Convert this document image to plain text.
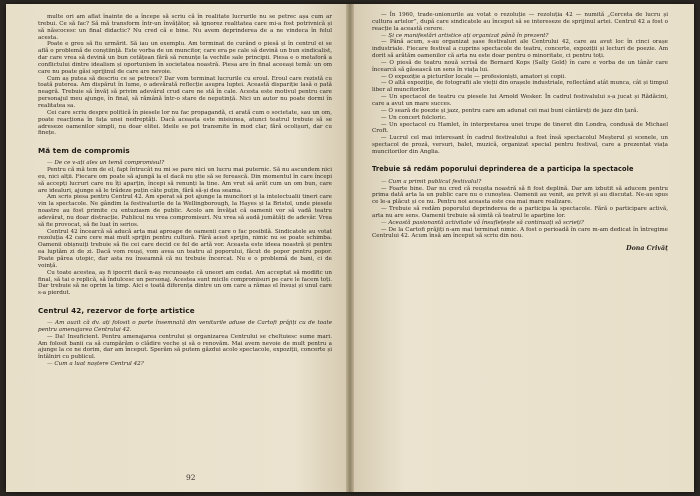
multe ori am aflat înainte de a începe să scriu că în realitate lucrurile nu se petrec așa cum ar trebui. Ce să fac? Să mă transform într-un învățător, să ignorez realitatea care mi-a fost potrivnică și să născocesc un final didactic? Nu cred că e bine. Nu avem deprinderea de a ne vindeca în felul acesta.

Poate e greu să fiu urmărit. Să iau un exemplu. Am terminat de curând o piesă și în centrul ei se află o problemă de conștiință. Este vorba de un muncitor, care era pe cale să devină un bun sindicalist, dar care vrea să devină un bun cetățean fără să renunțe la vechile sale principii. Piesa e o metaforă a conflictului dintre idealism și oportunism în societatea noastră. Piesa are în final aceeași temă: un om care nu poate găsi sprijinul de care are nevoie.

Cum aș putea să descriu ce se petrece? Dar vom terminat lucrurile cu eroul. Eroul care rezistă cu toată puterea. Am dispărut în lume, o adevărată reflecție asupra luptei. Această dispariție lasă o pată neagră. Trebuie să învăț să privim adevărul crud care ne stă în cale. Acesta este motivul pentru care personajul meu ajunge, în final, să rămână într-o stare de neputință. Nici un autor nu poate dormi în realitatea sa.

Cei care scriu despre politică în piesele lor nu fac propagandă, ci arată cum o societate, sau un om, poate reacționa în fața unei nedreptăți. Dacă aceasta este misiunea, atunci teatrul trebuie să se adreseze oamenilor simpli, nu doar elitei. Ideile se pot transmite în mod clar, fără ocolișuri, dar cu finețe.

Mă tem de compromis

— De ce v-ați ales un temă compromisul?

Pentru că mă tem de el, fapt întrucât nu mi se pare nici un lucru mai puternic. Să nu ascundem nici eu, nici alții. Fiecare om poate să ajungă la el dacă nu știe să se ferească. Din momentul în care începi să accepți lucruri care nu îți aparțin, începi să renunți la tine. Am vrut să arăt cum un om bun, care are idealuri, ajunge să le trădeze puțin câte puțin, fără să-și dea seama.

Am scris piesa pentru Centrul 42. Am sperat să pot ajunge la muncitori și la intelectualii tineri care vin la spectacole. Ne gândim la festivalurile de la Wellingborough, la Hayes și la Bristol, unde piesele noastre au fost primite cu entuziasm de public. Acolo am învățat că oamenii vor să vadă teatru adevărat, nu doar distracție. Publicul nu vrea compromisuri. Nu vrea să audă jumătăți de adevăr. Vrea să fie provocat, să fie luat în serios.

Centrul 42 încearcă să aducă arta mai aproape de oamenii care o fac posibilă. Sindicatele au votat rezoluția 42 care cere mai mult sprijin pentru cultură. Fără acest sprijin, nimic nu se poate schimba. Oamenii obișnuiți trebuie să fie cei care decid ce fel de artă vor. Aceasta este ideea noastră și pentru ea luptăm zi de zi. Dacă vom reuși, vom avea un teatru al poporului, făcut de popor pentru popor. Poate părea utopic, dar asta nu înseamnă că nu trebuie încercat. Nu e o problemă de bani, ci de voință.

Cu toate acestea, aș fi ipocrit dacă n-aș recunoaște că uneori am cedat. Am acceptat să modific un final, să tai o replică, să îndulcesc un personaj. Acestea sunt micile compromisuri pe care le facem toți. Dar trebuie să ne oprim la timp. Aici e toată diferența dintre un om care a rămas el însuși și unul care s-a pierdut.

Centrul 42, rezervor de forțe artistice

— Am auzit că dv. ați folosit o parte însemnată din veniturile aduse de Cartofi prăjiți cu de toate pentru amenajarea Centrului 42.

— Da! Insuficient. Pentru amenajarea centrului și organizarea Centrului se cheltuiesc sume mari. Am folosit banii ca să cumpărăm o clădire veche și să o renovăm. Mai avem nevoie de mult pentru a ajunge la ce ne dorim, dar am început. Sperăm să putem găzdui acolo spectacole, expoziții, concerte și întâlniri cu publicul.

— Cum a luat naștere Centrul 42?

92

— În 1960, trade-unionurile au votat o rezoluție — rezoluția 42 — numită „Cerceta de lucru și cultura artelor”, după care sindicatele au început să se intereseze de sprijinul artei. Centrul 42 a fost o reacție la această cerere.

— Și ce manifestări artistice ați organizat până în prezent?

— Până acum, s-au organizat șase festivaluri ale Centrului 42, care au avut loc în cinci orașe industriale. Fiecare festival a cuprins spectacole de teatru, concerte, expoziții și lecturi de poezie. Am dorit să arătăm oamenilor că arta nu este doar pentru o minoritate, ci pentru toți.

— O piesă de teatru nouă scrisă de Bernard Kops (Sally Gold) în care e vorba de un tânăr care încearcă să găsească un sens în viața lui.

— O expoziție a picturilor locale — profesioniști, amatori și copii.

— O altă expoziție, de fotografii ale vieții din orașele industriale, reflectând atât munca, cât și timpul liber al muncitorilor.

— Un spectacol de teatru cu piesele lui Arnold Wesker. În cadrul festivalului s-a jucat și Rădăcini, care a avut un mare succes.

— O seară de poezie și jazz, pentru care am adunat cei mai buni cântăreți de jazz din țară.

— Un concert folcloric.

— Un spectacol cu Hamlet, în interpretarea unei trupe de tineret din Londra, condusă de Michael Croft.

— Lucrul cel mai interesant în cadrul festivalului a fost însă spectacolul Meșterul și scenele, un spectacol de proză, versuri, balet, muzică, organizat special pentru festival, care a prezentat viața muncitorilor din Anglia.

Trebuie să redăm poporului deprinderea de a participa la spectacole

— Cum a primit publicul festivalul?

— Foarte bine. Dar nu cred că reușita noastră să fi fost deplină. Dar am izbutit să aducem pentru prima dată arta la un public care nu o cunoștea. Oamenii au venit, au privit și au discutat. Ne-au spus ce le-a plăcut și ce nu. Pentru noi aceasta este cea mai mare realizare.

— Trebuie să redăm poporului deprinderea de a participa la spectacole. Fără o participare activă, arta nu are sens. Oamenii trebuie să simtă că teatrul le aparține lor.

— Această pasionantă activitate vă însuflețește să continuați să scrieți?

— De la Cartofi prăjiți n-am mai terminat nimic. A fost o perioadă în care m-am dedicat în întregime Centrului 42. Acum însă am început să scriu din nou.

Dona Crivăț
